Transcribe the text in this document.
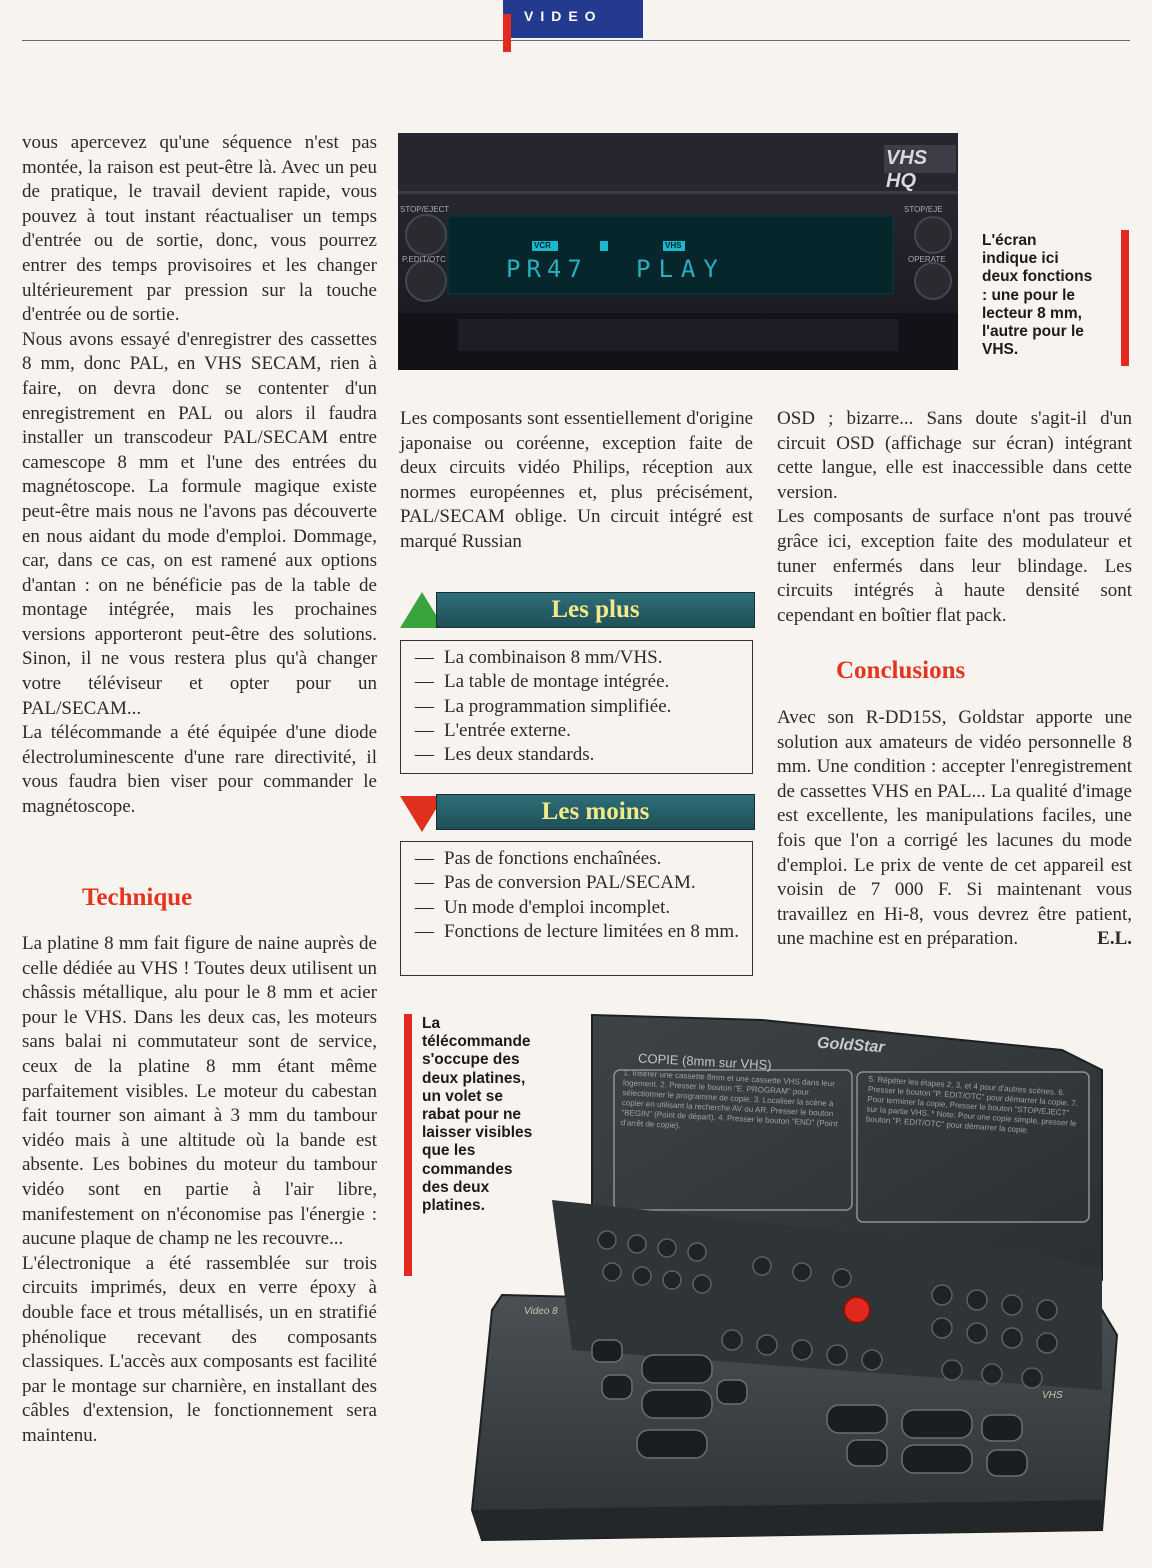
VIDEO

vous apercevez qu'une séquence n'est pas montée, la raison est peut-être là. Avec un peu de pratique, le travail devient rapide, vous pouvez à tout instant réactualiser un temps d'entrée ou de sortie, donc, vous pourrez entrer des temps provisoires et les changer ultérieurement par pression sur la touche d'entrée ou de sortie.

Nous avons essayé d'enregistrer des cassettes 8 mm, donc PAL, en VHS SECAM, rien à faire, on devra donc se contenter d'un enregistrement en PAL ou alors il faudra installer un transcodeur PAL/SECAM entre camescope 8 mm et l'une des entrées du magnétoscope. La formule magique existe peut-être mais nous ne l'avons pas découverte en nous aidant du mode d'emploi. Dommage, car, dans ce cas, on est ramené aux options d'antan : on ne bénéficie pas de la table de montage intégrée, mais les prochaines versions apporteront peut-être des solutions. Sinon, il ne vous restera plus qu'à changer votre téléviseur et opter pour un PAL/SECAM...

La télécommande a été équipée d'une diode électroluminescente d'une rare directivité, il vous faudra bien viser pour commander le magnétoscope.

Technique

La platine 8 mm fait figure de naine auprès de celle dédiée au VHS ! Toutes deux utilisent un châssis métallique, alu pour le 8 mm et acier pour le VHS. Dans les deux cas, les moteurs sans balai ni commutateur sont de service, ceux de la platine 8 mm étant même parfaitement visibles. Le moteur du cabestan fait tourner son aimant à 3 mm du tambour vidéo mais à une altitude où la bande est absente. Les bobines du moteur du tambour vidéo sont en partie à l'air libre, manifestement on n'économise pas l'énergie : aucune plaque de champ ne les recouvre...

L'électronique a été rassemblée sur trois circuits imprimés, deux en verre époxy à double face et trous métallisés, un en stratifié phénolique recevant des composants classiques. L'accès aux composants est facilité par le montage sur charnière, en installant des câbles d'extension, le fonctionnement sera maintenu.

VHS HQ
PR47 PLAY
VCR	VHS
STOP/EJECT	STOP/EJE
P.EDIT/OTC	OPERATE
L'écran indique ici deux fonctions : une pour le lecteur 8 mm, l'autre pour le VHS.

Les composants sont essentiellement d'origine japonaise ou coréenne, exception faite de deux circuits vidéo Philips, réception aux normes européennes et, plus précisément, PAL/SECAM oblige. Un circuit intégré est marqué Russian

Les plus
— La combinaison 8 mm/VHS.
— La table de montage intégrée.
— La programmation simplifiée.
— L'entrée externe.
— Les deux standards.
Les moins
— Pas de fonctions enchaînées.
— Pas de conversion PAL/SECAM.
— Un mode d'emploi incomplet.
— Fonctions de lecture limitées en 8 mm.

OSD ; bizarre... Sans doute s'agit-il d'un circuit OSD (affichage sur écran) intégrant cette langue, elle est inaccessible dans cette version.

Les composants de surface n'ont pas trouvé grâce ici, exception faite des modulateur et tuner enfermés dans leur blindage. Les circuits intégrés à haute densité sont cependant en boîtier flat pack.

Conclusions

Avec son R-DD15S, Goldstar apporte une solution aux amateurs de vidéo personnelle 8 mm. Une condition : accepter l'enregistrement de cassettes VHS en PAL... La qualité d'image est excellente, les manipulations faciles, une fois que l'on a corrigé les lacunes du mode d'emploi. Le prix de vente de cet appareil est voisin de 7 000 F. Si maintenant vous travaillez en Hi-8, vous devrez être patient, une machine est en préparation.	E.L.

La télécommande s'occupe des deux platines, un volet se rabat pour ne laisser visibles que les commandes des deux platines.
GoldStar
COPIE (8mm sur VHS)
1. Insérer une cassette 8mm et une cassette VHS dans leur logement. 2. Presser le bouton "E. PROGRAM" pour sélectionner le programme de copie. 3. Localiser la scène à copier en utilisant la recherche AV ou AR. Presser le bouton "BEGIN" (Point de départ). 4. Presser le bouton "END" (Point d'arrêt de copie).
5. Répéter les étapes 2, 3, et 4 pour d'autres scènes. 6. Presser le bouton "P. EDIT/OTC" pour démarrer la copie. 7. Pour terminer la copie, Presser le bouton "STOP/EJECT" sur la partie VHS. * Note: Pour une copie simple, presser le bouton "P. EDIT/OTC" pour démarrer la copie.
Video 8
VHS
